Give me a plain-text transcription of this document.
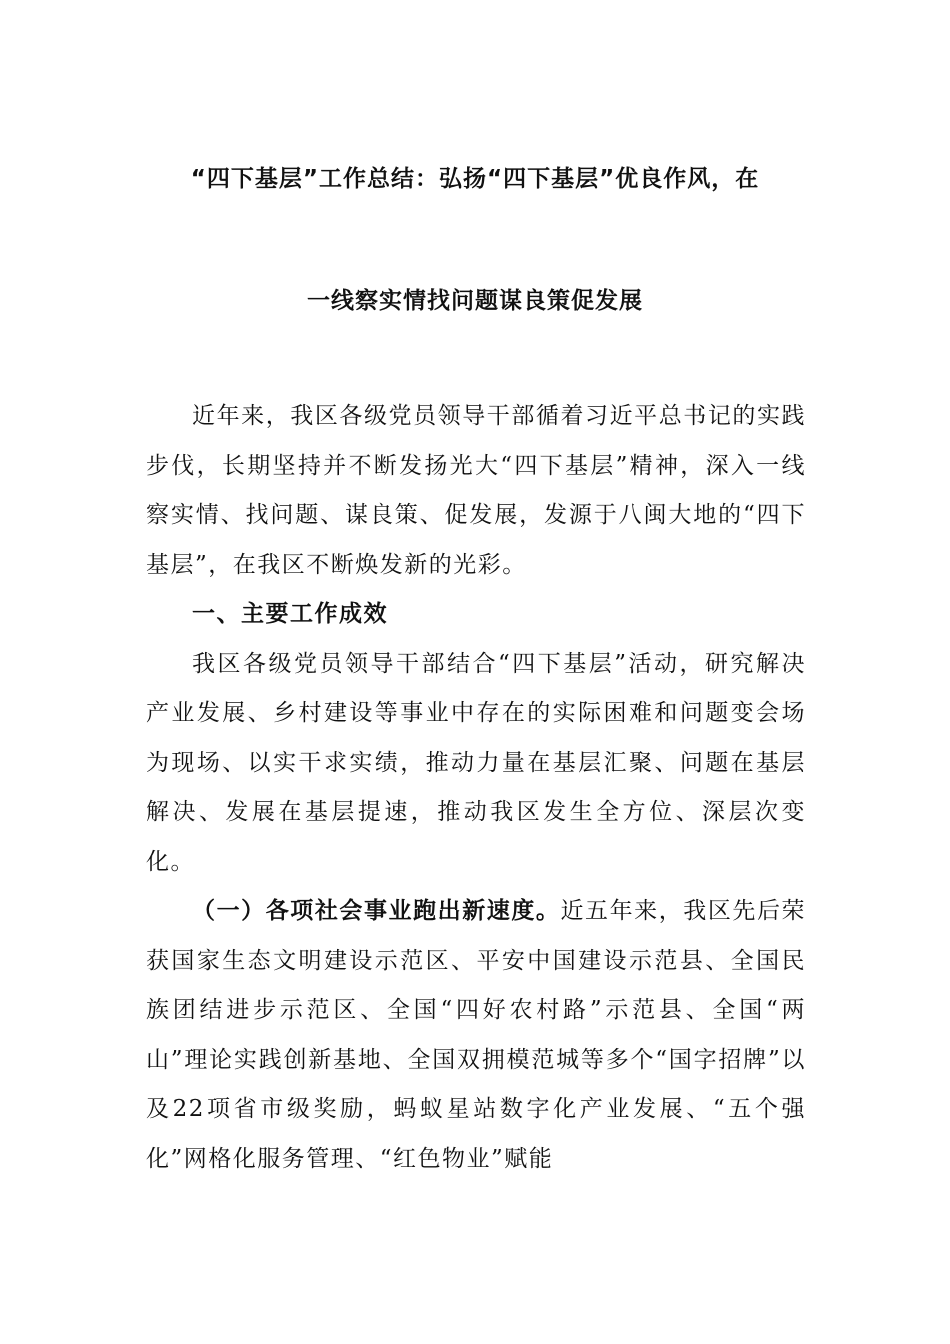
“四下基层”工作总结：弘扬“四下基层”优良作风，在
一线察实情找问题谋良策促发展

近年来，我区各级党员领导干部循着习近平总书记的实践步伐，长期坚持并不断发扬光大“四下基层”精神，深入一线察实情、找问题、谋良策、促发展，发源于八闽大地的“四下基层”，在我区不断焕发新的光彩。

一、主要工作成效

我区各级党员领导干部结合“四下基层”活动，研究解决产业发展、乡村建设等事业中存在的实际困难和问题变会场为现场、以实干求实绩，推动力量在基层汇聚、问题在基层解决、发展在基层提速，推动我区发生全方位、深层次变化。

（一）各项社会事业跑出新速度。近五年来，我区先后荣获国家生态文明建设示范区、平安中国建设示范县、全国民族团结进步示范区、全国“四好农村路”示范县、全国“两山”理论实践创新基地、全国双拥模范城等多个“国字招牌”以及22项省市级奖励，蚂蚁星站数字化产业发展、“五个强化”网格化服务管理、“红色物业”赋能
